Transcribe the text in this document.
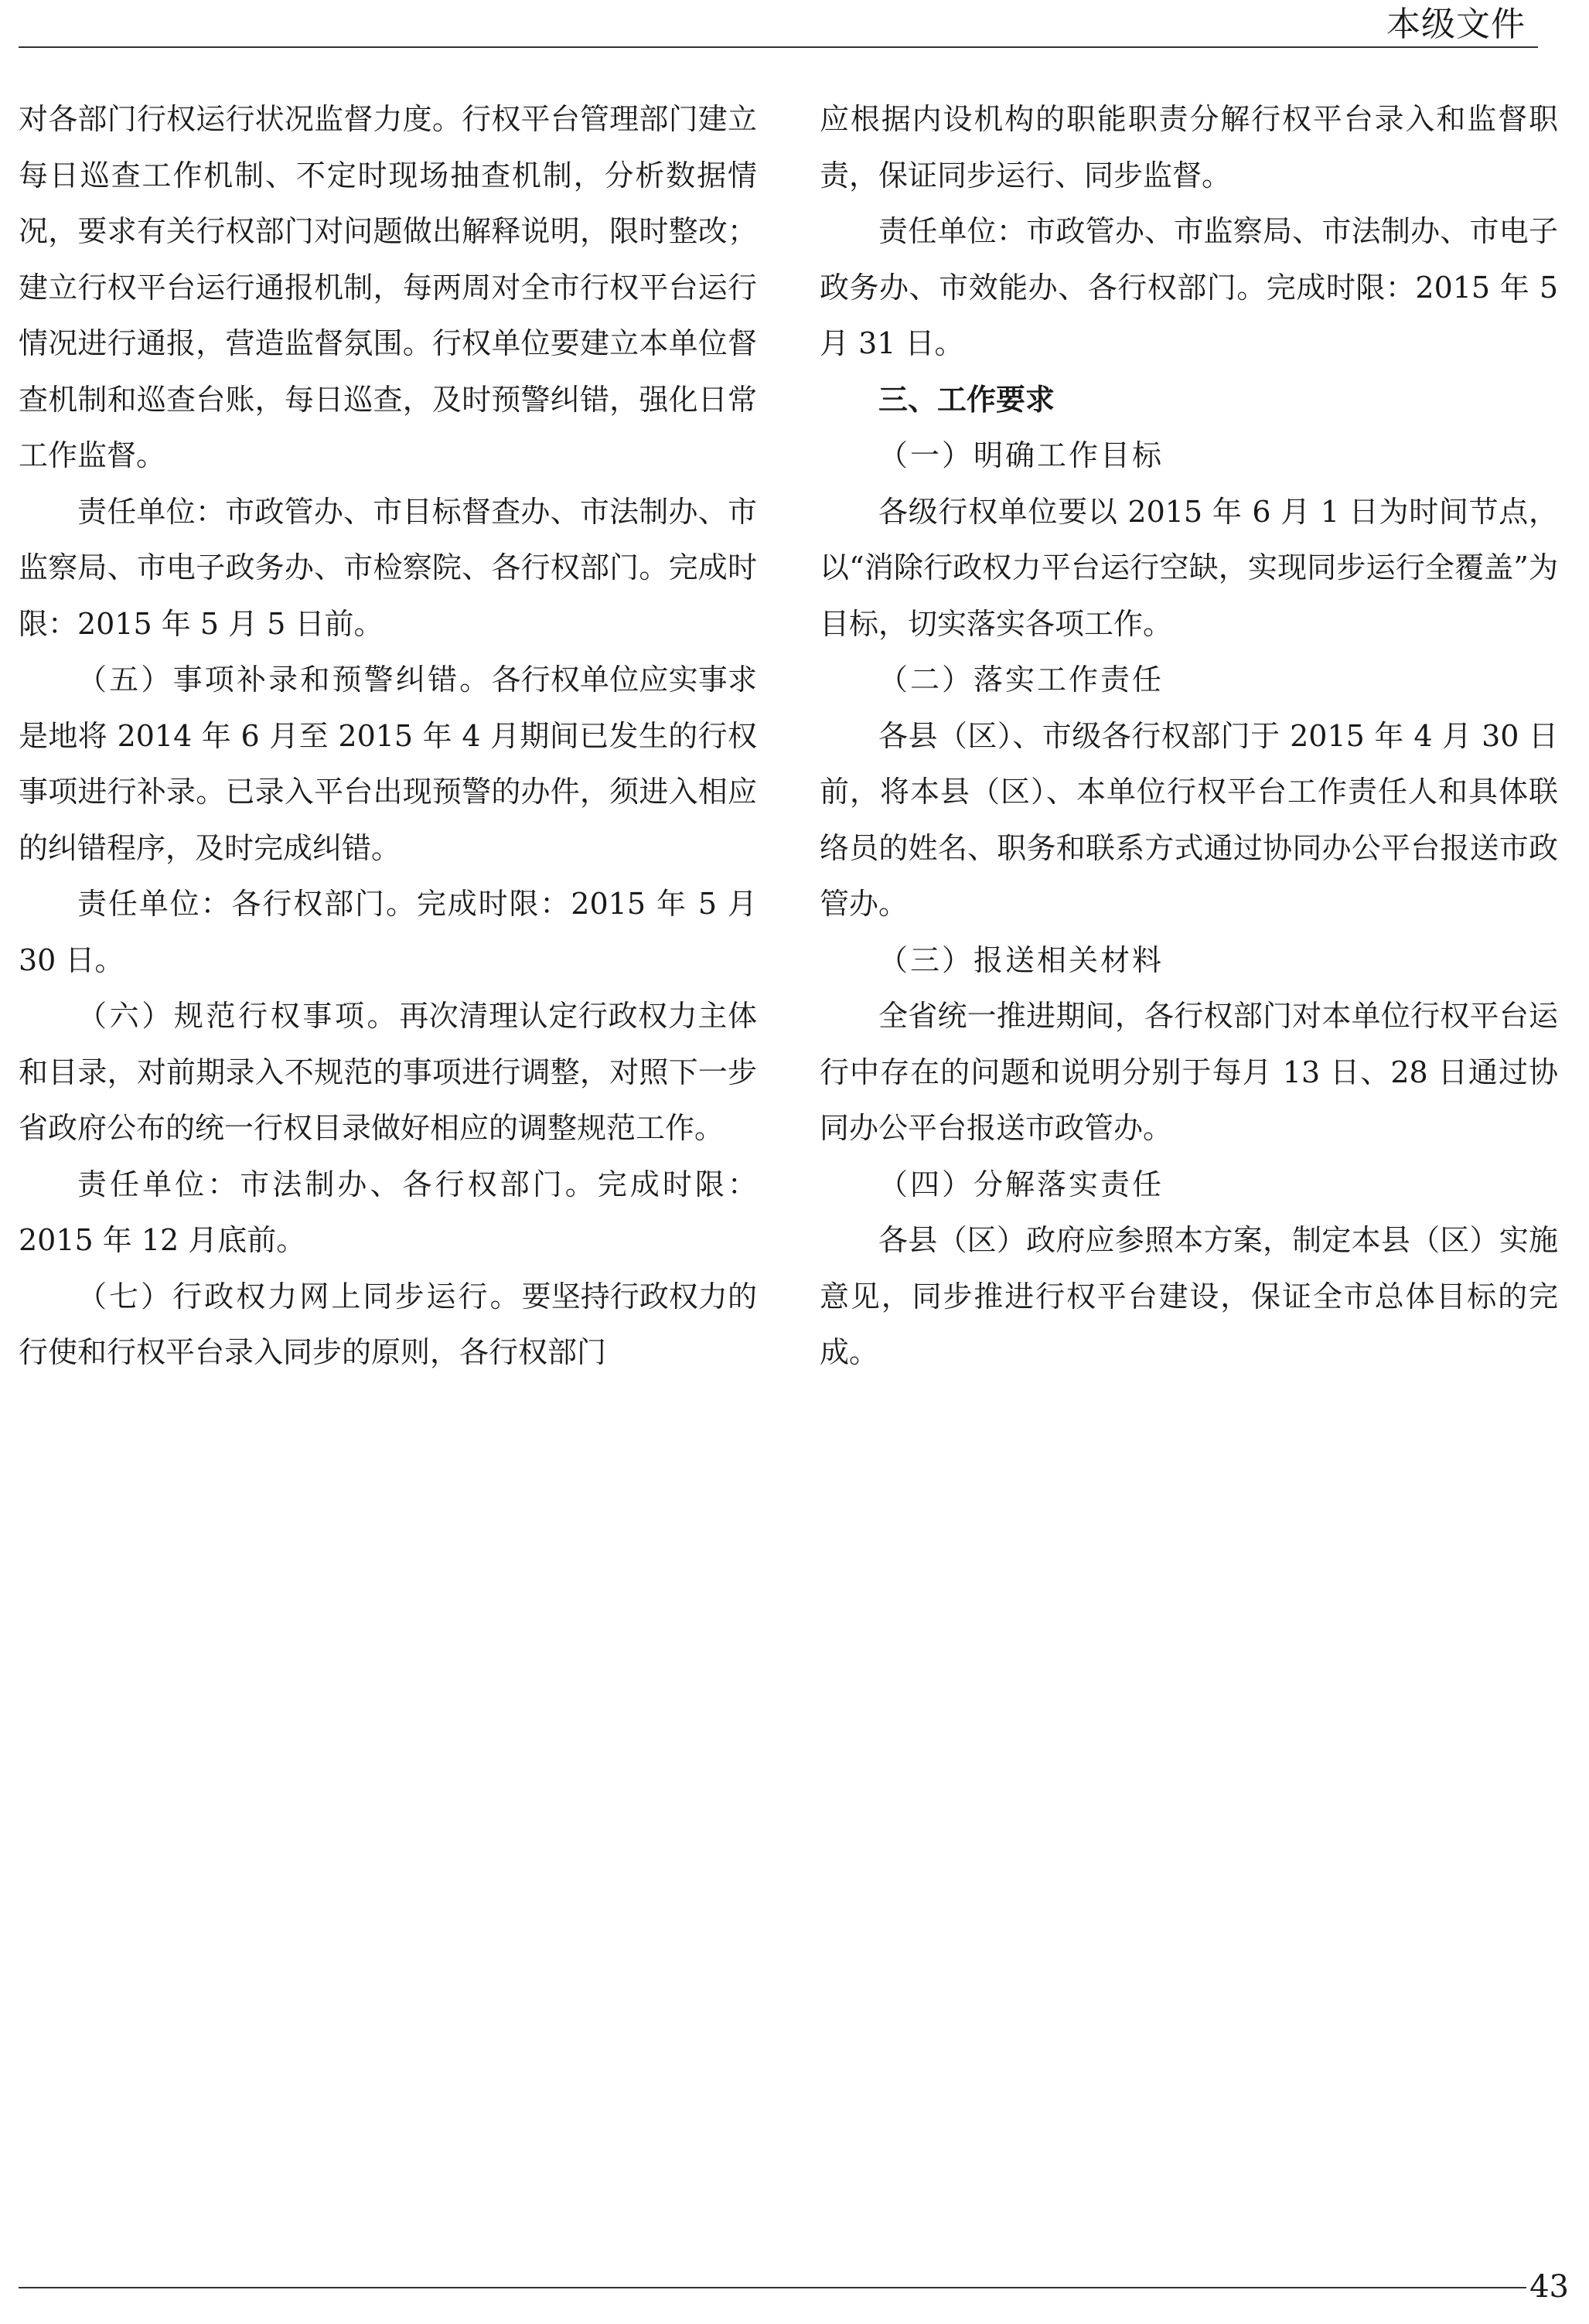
本级文件

对各部门行权运行状况监督力度。行权平台管理部门建立每日巡查工作机制、不定时现场抽查机制，分析数据情况，要求有关行权部门对问题做出解释说明，限时整改；建立行权平台运行通报机制，每两周对全市行权平台运行情况进行通报，营造监督氛围。行权单位要建立本单位督查机制和巡查台账，每日巡查，及时预警纠错，强化日常工作监督。

责任单位：市政管办、市目标督查办、市法制办、市监察局、市电子政务办、市检察院、各行权部门。完成时限：2015 年 5 月 5 日前。

（五）事项补录和预警纠错。各行权单位应实事求是地将 2014 年 6 月至 2015 年 4 月期间已发生的行权事项进行补录。已录入平台出现预警的办件，须进入相应的纠错程序，及时完成纠错。

责任单位：各行权部门。完成时限：2015 年 5 月 30 日。

（六）规范行权事项。再次清理认定行政权力主体和目录，对前期录入不规范的事项进行调整，对照下一步省政府公布的统一行权目录做好相应的调整规范工作。

责任单位：市法制办、各行权部门。完成时限：2015 年 12 月底前。

（七）行政权力网上同步运行。要坚持行政权力的行使和行权平台录入同步的原则，各行权部门

应根据内设机构的职能职责分解行权平台录入和监督职责，保证同步运行、同步监督。

责任单位：市政管办、市监察局、市法制办、市电子政务办、市效能办、各行权部门。完成时限：2015 年 5 月 31 日。

三、工作要求
（一）明确工作目标

各级行权单位要以 2015 年 6 月 1 日为时间节点，以“消除行政权力平台运行空缺，实现同步运行全覆盖”为目标，切实落实各项工作。

（二）落实工作责任

各县（区）、市级各行权部门于 2015 年 4 月 30 日前，将本县（区）、本单位行权平台工作责任人和具体联络员的姓名、职务和联系方式通过协同办公平台报送市政管办。

（三）报送相关材料

全省统一推进期间，各行权部门对本单位行权平台运行中存在的问题和说明分别于每月 13 日、28 日通过协同办公平台报送市政管办。

（四）分解落实责任

各县（区）政府应参照本方案，制定本县（区）实施意见，同步推进行权平台建设，保证全市总体目标的完成。

43
